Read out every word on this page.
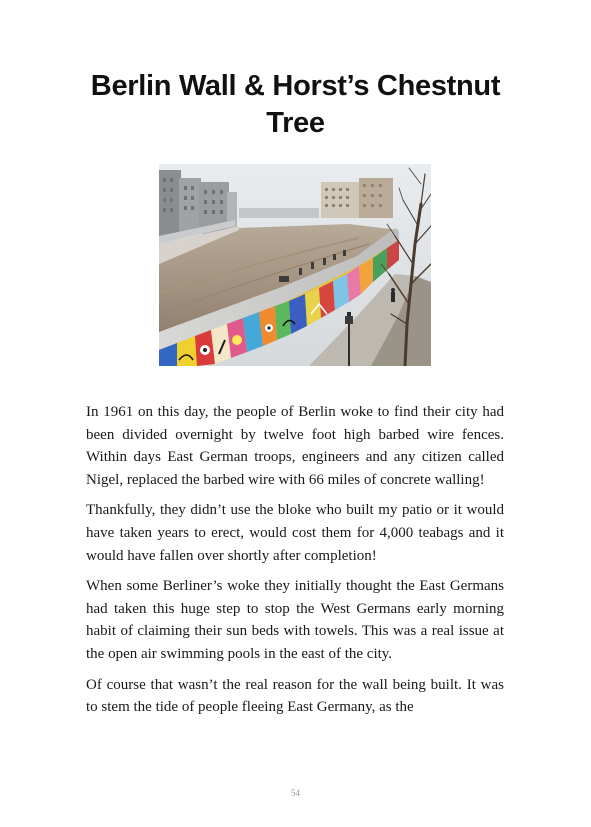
Berlin Wall & Horst’s Chestnut Tree

In 1961 on this day, the people of Berlin woke to find their city had been divided overnight by twelve foot high barbed wire fences. Within days East German troops, engineers and any citizen called Nigel, replaced the barbed wire with 66 miles of concrete walling!

Thankfully, they didn’t use the bloke who built my patio or it would have taken years to erect, would cost them for 4,000 teabags and it would have fallen over shortly after completion!

When some Berliner’s woke they initially thought the East Germans had taken this huge step to stop the West Germans early morning habit of claiming their sun beds with towels. This was a real issue at the open air swimming pools in the east of the city.

Of course that wasn’t the real reason for the wall being built. It was to stem the tide of people fleeing East Germany, as the

54
